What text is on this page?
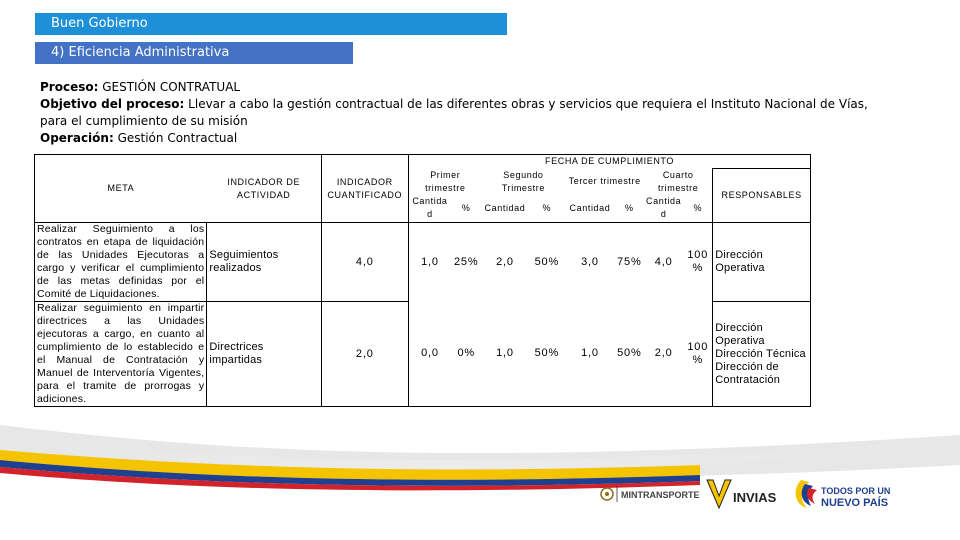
Buen Gobierno
4) Eficiencia Administrativa
Proceso: GESTIÓN CONTRATUAL
Objetivo del proceso: Llevar a cabo la gestión contractual de las diferentes obras y servicios que requiera el Instituto Nacional de Vías, para el cumplimiento de su misión
Operación: Gestión Contractual
META	INDICADOR DE ACTIVIDAD	INDICADOR CUANTIFICADO	FECHA DE CUMPLIMIENTO								
			Primer trimestre		Segundo Trimestre		Tercer trimestre		Cuarto trimestre		RESPONSABLES
			Cantida d	%	Cantidad	%	Cantidad	%	Cantida d	%	
Realizar Seguimiento a los contratos en etapa de liquidación de las Unidades Ejecutoras a cargo y verificar el cumplimiento de las metas definidas por el Comité de Liquidaciones.	Seguimientos realizados	4,0	1,0	25%	2,0	50%	3,0	75%	4,0	100 %	Dirección Operativa
Realizar seguimiento en impartir directrices a las Unidades ejecutoras a cargo, en cuanto al cumplimiento de lo establecido e el Manual de Contratación y Manuel de Interventoría Vigentes, para el tramite de prorrogas y adiciones.	Directrices impartidas	2,0	0,0	0%	1,0	50%	1,0	50%	2,0	100 %	Dirección Operativa Dirección Técnica Dirección de Contratación
MINTRANSPORTE	INVIAS	TODOS POR UN
NUEVO PAÍS
